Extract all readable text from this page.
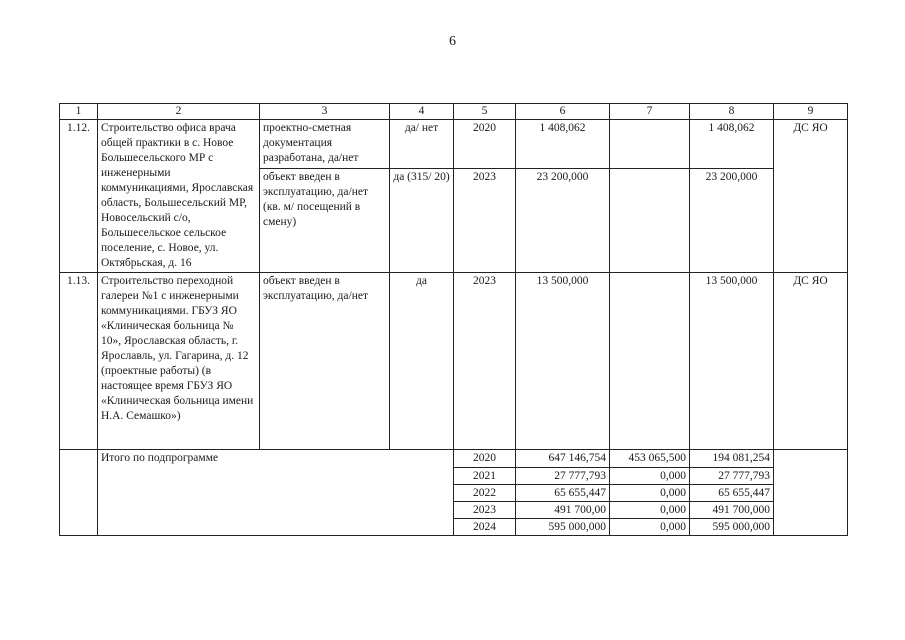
6
1	2	3	4	5	6	7	8	9
1.12.	Строительство офиса врача общей практики в с. Новое Большесельского МР с инженерными коммуникациями, Ярославская область, Большесельский МР, Новосельский с/о, Большесельское сельское поселение, с. Новое, ул. Октябрьская, д. 16	проектно-сметная документация разработана, да/нет	да/ нет	2020	1 408,062		1 408,062	ДС ЯО
		объект введен в эксплуатацию, да/нет (кв. м/ посещений в смену)	да (315/ 20)	2023	23 200,000		23 200,000	
1.13.	Строительство переходной галереи №1 с инженерными коммуникациями. ГБУЗ ЯО «Клиническая больница № 10», Ярославская область, г. Ярославль, ул. Гагарина, д. 12 (проектные работы) (в настоящее время ГБУЗ ЯО «Клиническая больница имени Н.А. Семашко»)	объект введен в эксплуатацию, да/нет	да	2023	13 500,000		13 500,000	ДС ЯО
	Итого по подпрограмме			2020	647 146,754	453 065,500	194 081,254	
				2021	27 777,793	0,000	27 777,793	
				2022	65 655,447	0,000	65 655,447	
				2023	491 700,00	0,000	491 700,000	
				2024	595 000,000	0,000	595 000,000	
